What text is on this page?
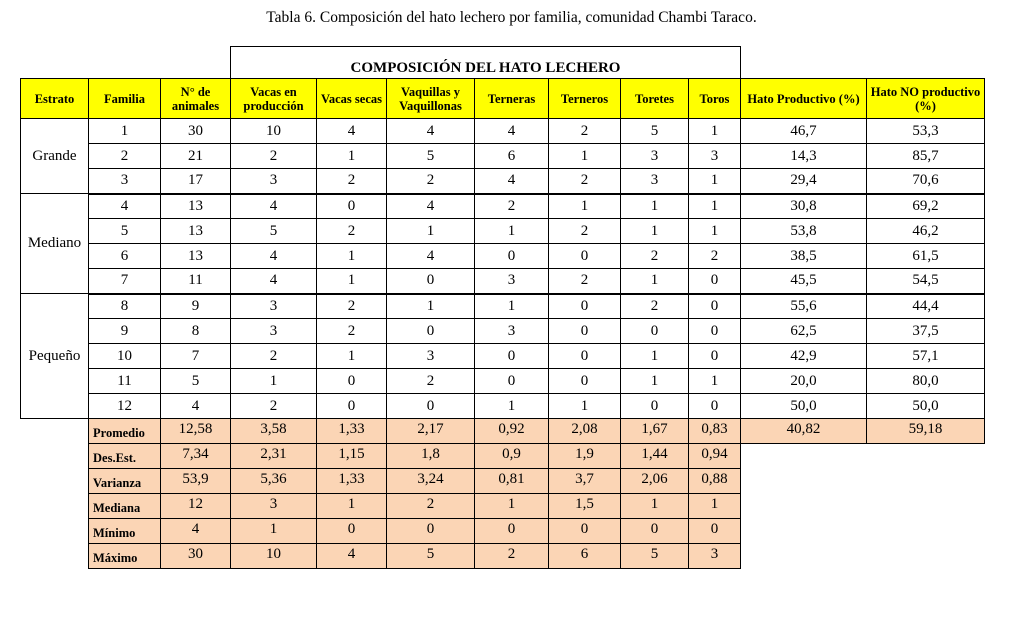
Tabla 6. Composición del hato lechero por familia, comunidad Chambi Taraco.
			COMPOSICIÓN DEL HATO LECHERO								
Estrato	Familia	N° de animales	Vacas en producción	Vacas secas	Vaquillas y Vaquillonas	Terneras	Terneros	Toretes	Toros	Hato Productivo (%)	Hato NO productivo (%)
Grande	1	30	10	4	4	4	2	5	1	46,7	53,3
	2	21	2	1	5	6	1	3	3	14,3	85,7
	3	17	3	2	2	4	2	3	1	29,4	70,6
Mediano	4	13	4	0	4	2	1	1	1	30,8	69,2
	5	13	5	2	1	1	2	1	1	53,8	46,2
	6	13	4	1	4	0	0	2	2	38,5	61,5
	7	11	4	1	0	3	2	1	0	45,5	54,5
Pequeño	8	9	3	2	1	1	0	2	0	55,6	44,4
	9	8	3	2	0	3	0	0	0	62,5	37,5
	10	7	2	1	3	0	0	1	0	42,9	57,1
	11	5	1	0	2	0	0	1	1	20,0	80,0
	12	4	2	0	0	1	1	0	0	50,0	50,0
	Promedio	12,58	3,58	1,33	2,17	0,92	2,08	1,67	0,83	40,82	59,18
	Des.Est.	7,34	2,31	1,15	1,8	0,9	1,9	1,44	0,94		
	Varianza	53,9	5,36	1,33	3,24	0,81	3,7	2,06	0,88		
	Mediana	12	3	1	2	1	1,5	1	1		
	Mínimo	4	1	0	0	0	0	0	0		
	Máximo	30	10	4	5	2	6	5	3		
